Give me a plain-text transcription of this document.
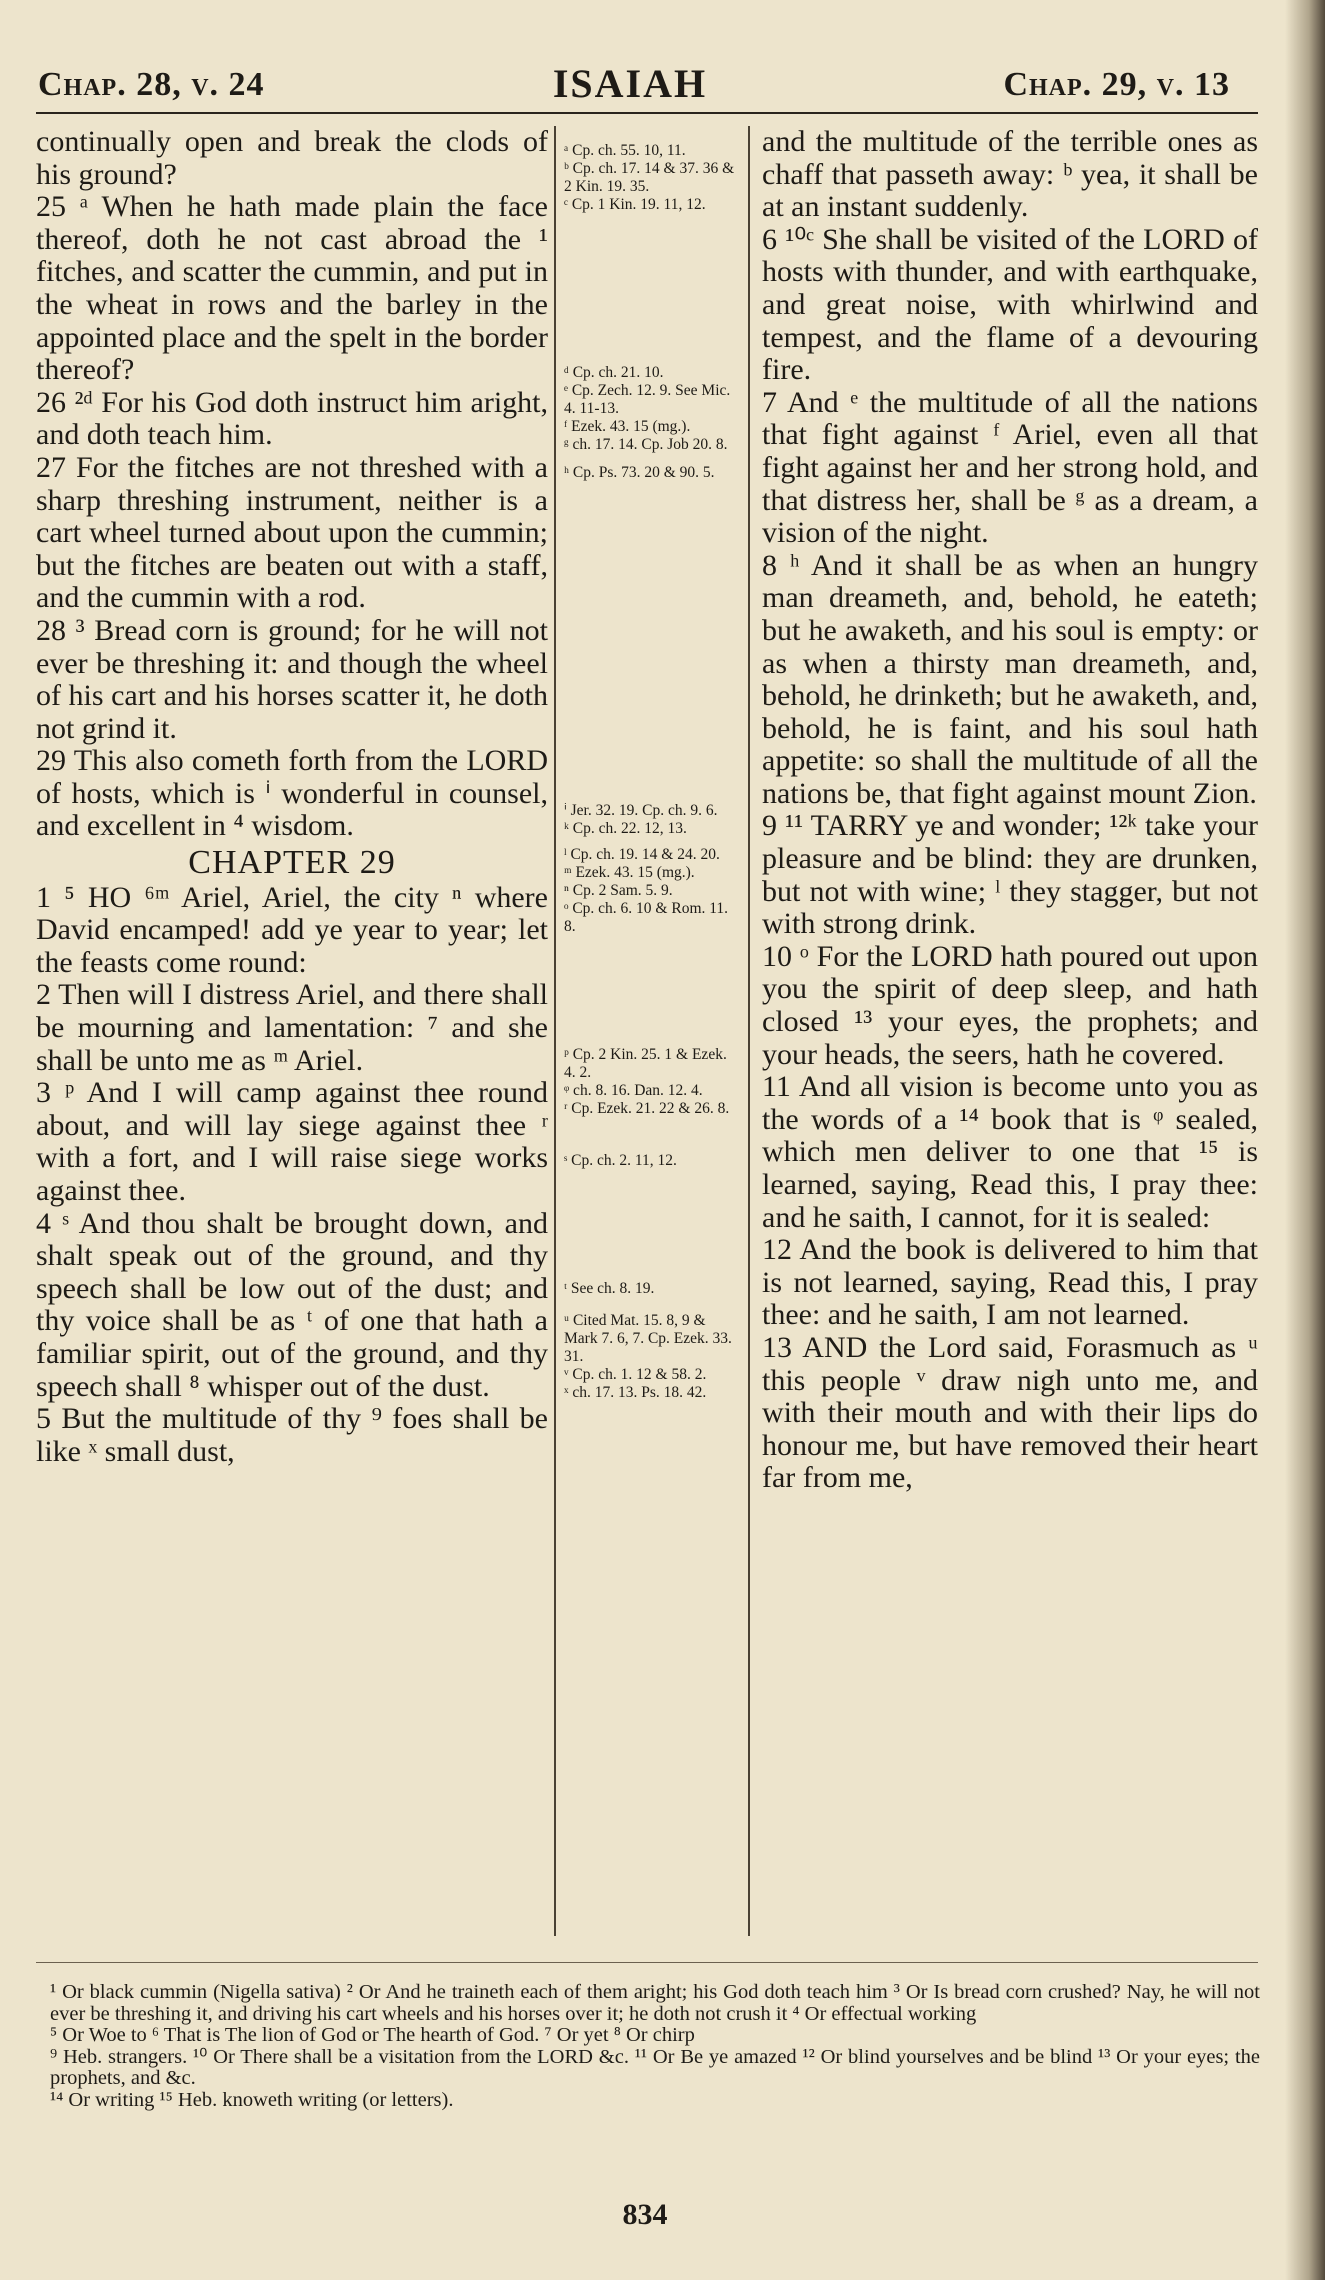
Chap. 28, v. 24	ISAIAH	Chap. 29, v. 13

continually open and break the clods of his ground?

25 ᵃ When he hath made plain the face thereof, doth he not cast abroad the ¹ fitches, and scatter the cummin, and put in the wheat in rows and the barley in the appointed place and the spelt in the border thereof?

26 ²ᵈ For his God doth instruct him aright, and doth teach him.

27 For the fitches are not threshed with a sharp threshing instrument, neither is a cart wheel turned about upon the cummin; but the fitches are beaten out with a staff, and the cummin with a rod.

28 ³ Bread corn is ground; for he will not ever be threshing it: and though the wheel of his cart and his horses scatter it, he doth not grind it.

29 This also cometh forth from the LORD of hosts, which is ⁱ wonderful in counsel, and excellent in ⁴ wisdom.

CHAPTER 29

1 ⁵ HO ⁶ᵐ Ariel, Ariel, the city ⁿ where David encamped! add ye year to year; let the feasts come round:

2 Then will I distress Ariel, and there shall be mourning and lamentation: ⁷ and she shall be unto me as ᵐ Ariel.

3 ᵖ And I will camp against thee round about, and will lay siege against thee ʳ with a fort, and I will raise siege works against thee.

4 ˢ And thou shalt be brought down, and shalt speak out of the ground, and thy speech shall be low out of the dust; and thy voice shall be as ᵗ of one that hath a familiar spirit, out of the ground, and thy speech shall ⁸ whisper out of the dust.

5 But the multitude of thy ⁹ foes shall be like ˣ small dust,

ᵃ Cp. ch. 55. 10, 11.

ᵇ Cp. ch. 17. 14 & 37. 36 & 2 Kin. 19. 35.

ᶜ Cp. 1 Kin. 19. 11, 12.

ᵈ Cp. ch. 21. 10.

ᵉ Cp. Zech. 12. 9. See Mic. 4. 11-13.

ᶠ Ezek. 43. 15 (mg.).

ᵍ ch. 17. 14. Cp. Job 20. 8.

ʰ Cp. Ps. 73. 20 & 90. 5.

ⁱ Jer. 32. 19. Cp. ch. 9. 6.

ᵏ Cp. ch. 22. 12, 13.

ˡ Cp. ch. 19. 14 & 24. 20.

ᵐ Ezek. 43. 15 (mg.).

ⁿ Cp. 2 Sam. 5. 9.

ᵒ Cp. ch. 6. 10 & Rom. 11. 8.

ᵖ Cp. 2 Kin. 25. 1 & Ezek. 4. 2.

ᵠ ch. 8. 16. Dan. 12. 4.

ʳ Cp. Ezek. 21. 22 & 26. 8.

ˢ Cp. ch. 2. 11, 12.

ᵗ See ch. 8. 19.

ᵘ Cited Mat. 15. 8, 9 & Mark 7. 6, 7. Cp. Ezek. 33. 31.

ᵛ Cp. ch. 1. 12 & 58. 2.

ˣ ch. 17. 13. Ps. 18. 42.

and the multitude of the terrible ones as chaff that passeth away: ᵇ yea, it shall be at an instant suddenly.

6 ¹⁰ᶜ She shall be visited of the LORD of hosts with thunder, and with earthquake, and great noise, with whirlwind and tempest, and the flame of a devouring fire.

7 And ᵉ the multitude of all the nations that fight against ᶠ Ariel, even all that fight against her and her strong hold, and that distress her, shall be ᵍ as a dream, a vision of the night.

8 ʰ And it shall be as when an hungry man dreameth, and, behold, he eateth; but he awaketh, and his soul is empty: or as when a thirsty man dreameth, and, behold, he drinketh; but he awaketh, and, behold, he is faint, and his soul hath appetite: so shall the multitude of all the nations be, that fight against mount Zion.

9 ¹¹ TARRY ye and wonder; ¹²ᵏ take your pleasure and be blind: they are drunken, but not with wine; ˡ they stagger, but not with strong drink.

10 ᵒ For the LORD hath poured out upon you the spirit of deep sleep, and hath closed ¹³ your eyes, the prophets; and your heads, the seers, hath he covered.

11 And all vision is become unto you as the words of a ¹⁴ book that is ᵠ sealed, which men deliver to one that ¹⁵ is learned, saying, Read this, I pray thee: and he saith, I cannot, for it is sealed:

12 And the book is delivered to him that is not learned, saying, Read this, I pray thee: and he saith, I am not learned.

13 AND the Lord said, Forasmuch as ᵘ this people ᵛ draw nigh unto me, and with their mouth and with their lips do honour me, but have removed their heart far from me,

¹ Or black cummin (Nigella sativa) ² Or And he traineth each of them aright; his God doth teach him ³ Or Is bread corn crushed? Nay, he will not ever be threshing it, and driving his cart wheels and his horses over it; he doth not crush it ⁴ Or effectual working

⁵ Or Woe to ⁶ That is The lion of God or The hearth of God. ⁷ Or yet ⁸ Or chirp

⁹ Heb. strangers. ¹⁰ Or There shall be a visitation from the LORD &c. ¹¹ Or Be ye amazed ¹² Or blind yourselves and be blind ¹³ Or your eyes; the prophets, and &c.

¹⁴ Or writing ¹⁵ Heb. knoweth writing (or letters).

834
